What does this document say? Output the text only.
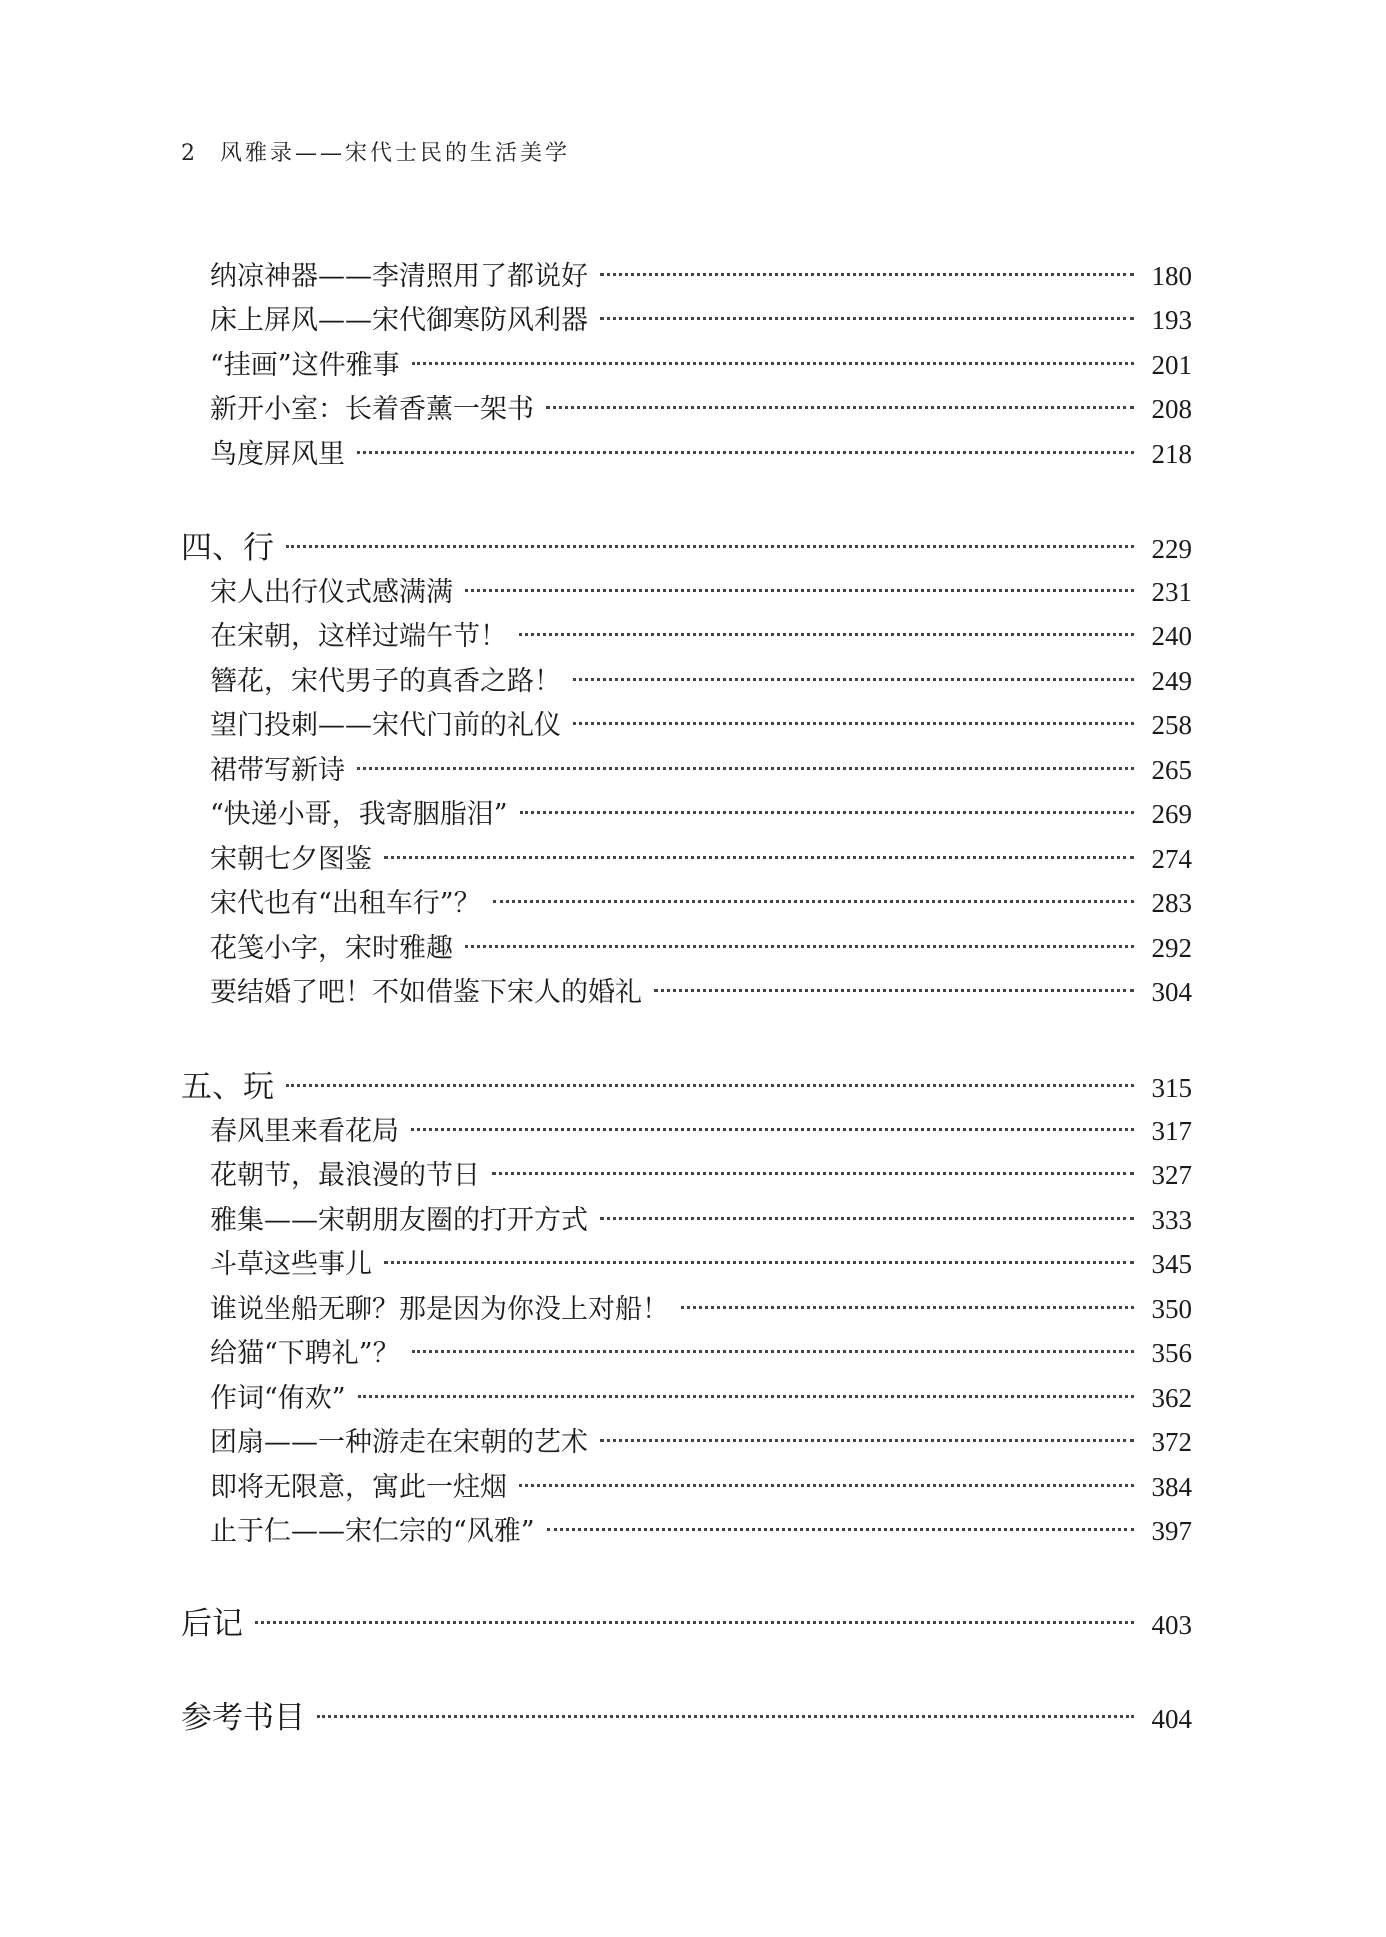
2 风雅录——宋代士民的生活美学
纳凉神器——李清照用了都说好	180
床上屏风——宋代御寒防风利器	193
“挂画”这件雅事	201
新开小室：长着香薰一架书	208
鸟度屏风里	218
四、行	229
宋人出行仪式感满满	231
在宋朝，这样过端午节！	240
簪花，宋代男子的真香之路！	249
望门投刺——宋代门前的礼仪	258
裙带写新诗	265
“快递小哥，我寄胭脂泪”	269
宋朝七夕图鉴	274
宋代也有“出租车行”？	283
花笺小字，宋时雅趣	292
要结婚了吧！不如借鉴下宋人的婚礼	304
五、玩	315
春风里来看花局	317
花朝节，最浪漫的节日	327
雅集——宋朝朋友圈的打开方式	333
斗草这些事儿	345
谁说坐船无聊？那是因为你没上对船！	350
给猫“下聘礼”？	356
作词“侑欢”	362
团扇——一种游走在宋朝的艺术	372
即将无限意，寓此一炷烟	384
止于仁——宋仁宗的“风雅”	397
后记	403
参考书目	404
